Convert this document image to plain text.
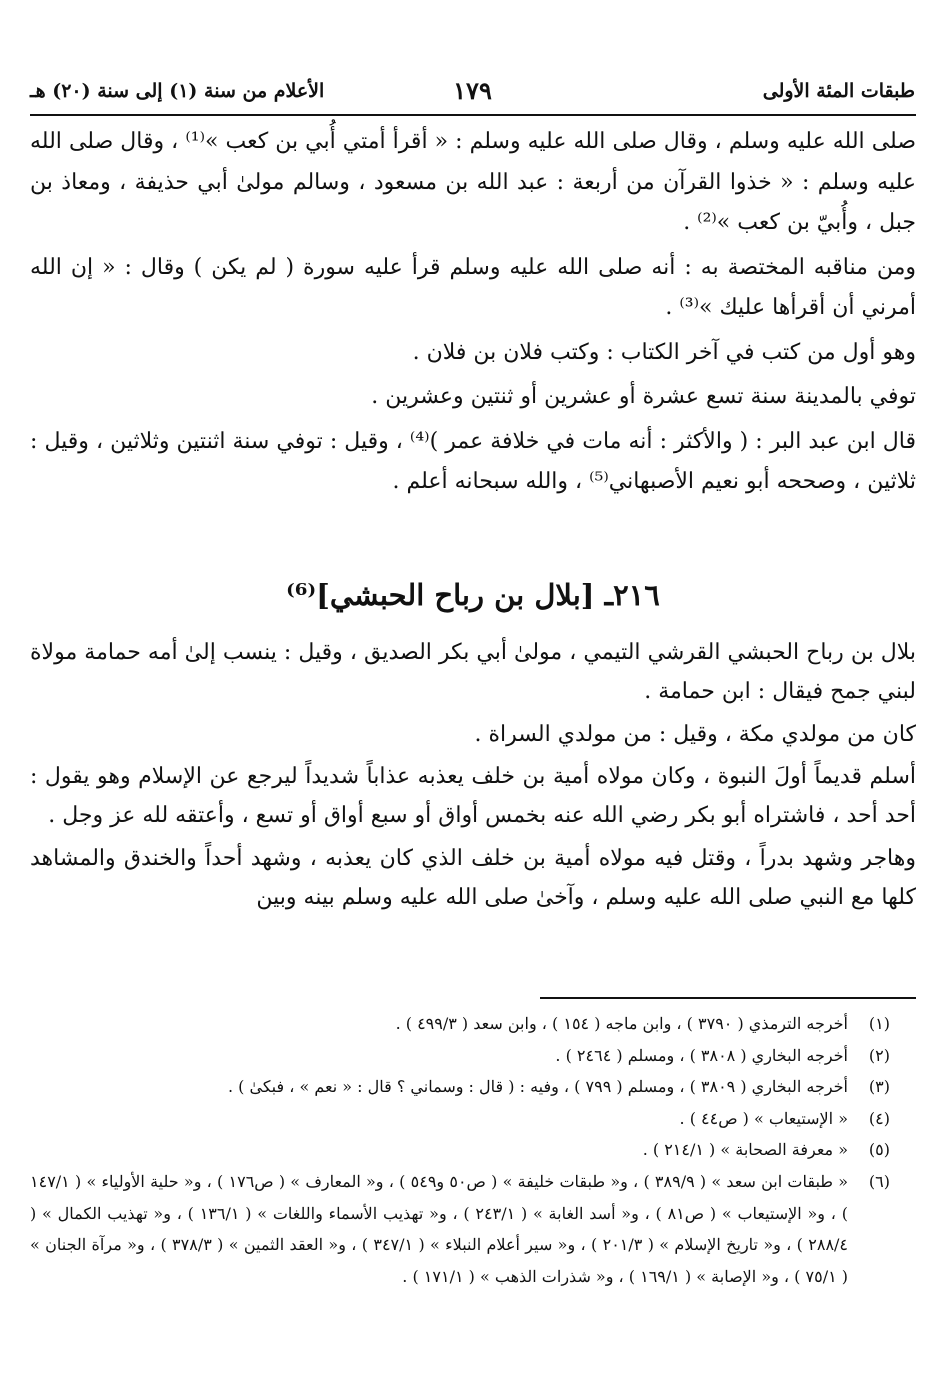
طبقات المئة الأولى
١٧٩
الأعلام من سنة (١) إلى سنة (٢٠) هـ

صلى الله عليه وسلم ، وقال صلى الله عليه وسلم : « أقرأ أمتي أُبي بن كعب »⁽¹⁾ ، وقال صلى الله عليه وسلم : « خذوا القرآن من أربعة : عبد الله بن مسعود ، وسالم مولىٰ أبي حذيفة ، ومعاذ بن جبل ، وأُبيّ بن كعب »⁽²⁾ .

ومن مناقبه المختصة به : أنه صلى الله عليه وسلم قرأ عليه سورة ( لم يكن ) وقال : « إن الله أمرني أن أقرأها عليك »⁽³⁾ .

وهو أول من كتب في آخر الكتاب : وكتب فلان بن فلان .

توفي بالمدينة سنة تسع عشرة أو عشرين أو ثنتين وعشرين .

قال ابن عبد البر : ( والأكثر : أنه مات في خلافة عمر )⁽⁴⁾ ، وقيل : توفي سنة اثنتين وثلاثين ، وقيل : ثلاثين ، وصححه أبو نعيم الأصبهاني⁽⁵⁾ ، والله سبحانه أعلم .

٢١٦ـ [بلال بن رباح الحبشي]⁽⁶⁾

بلال بن رباح الحبشي القرشي التيمي ، مولىٰ أبي بكر الصديق ، وقيل : ينسب إلىٰ أمه حمامة مولاة لبني جمح فيقال : ابن حمامة .

كان من مولدي مكة ، وقيل : من مولدي السراة .

أسلم قديماً أولَ النبوة ، وكان مولاه أمية بن خلف يعذبه عذاباً شديداً ليرجع عن الإسلام وهو يقول : أحد أحد ، فاشتراه أبو بكر رضي الله عنه بخمس أواق أو سبع أواق أو تسع ، وأعتقه لله عز وجل .

وهاجر وشهد بدراً ، وقتل فيه مولاه أمية بن خلف الذي كان يعذبه ، وشهد أحداً والخندق والمشاهد كلها مع النبي صلى الله عليه وسلم ، وآخىٰ صلى الله عليه وسلم بينه وبين

(١)
أخرجه الترمذي ( ٣٧٩٠ ) ، وابن ماجه ( ١٥٤ ) ، وابن سعد ( ٤٩٩/٣ ) .
(٢)
أخرجه البخاري ( ٣٨٠٨ ) ، ومسلم ( ٢٤٦٤ ) .
(٣)
أخرجه البخاري ( ٣٨٠٩ ) ، ومسلم ( ٧٩٩ ) ، وفيه : ( قال : وسماني ؟ قال : « نعم » ، فبكىٰ ) .
(٤)
« الإستيعاب » ( ص٤٤ ) .
(٥)
« معرفة الصحابة » ( ٢١٤/١ ) .
(٦)
« طبقات ابن سعد » ( ٣٨٩/٩ ) ، و« طبقات خليفة » ( ص٥٠ و٥٤٩ ) ، و« المعارف » ( ص١٧٦ ) ، و« حلية الأولياء » ( ١٤٧/١ ) ، و« الإستيعاب » ( ص٨١ ) ، و« أسد الغابة » ( ٢٤٣/١ ) ، و« تهذيب الأسماء واللغات » ( ١٣٦/١ ) ، و« تهذيب الكمال » ( ٢٨٨/٤ ) ، و« تاريخ الإسلام » ( ٢٠١/٣ ) ، و« سير أعلام النبلاء » ( ٣٤٧/١ ) ، و« العقد الثمين » ( ٣٧٨/٣ ) ، و« مرآة الجنان » ( ٧٥/١ ) ، و« الإصابة » ( ١٦٩/١ ) ، و« شذرات الذهب » ( ١٧١/١ ) .
